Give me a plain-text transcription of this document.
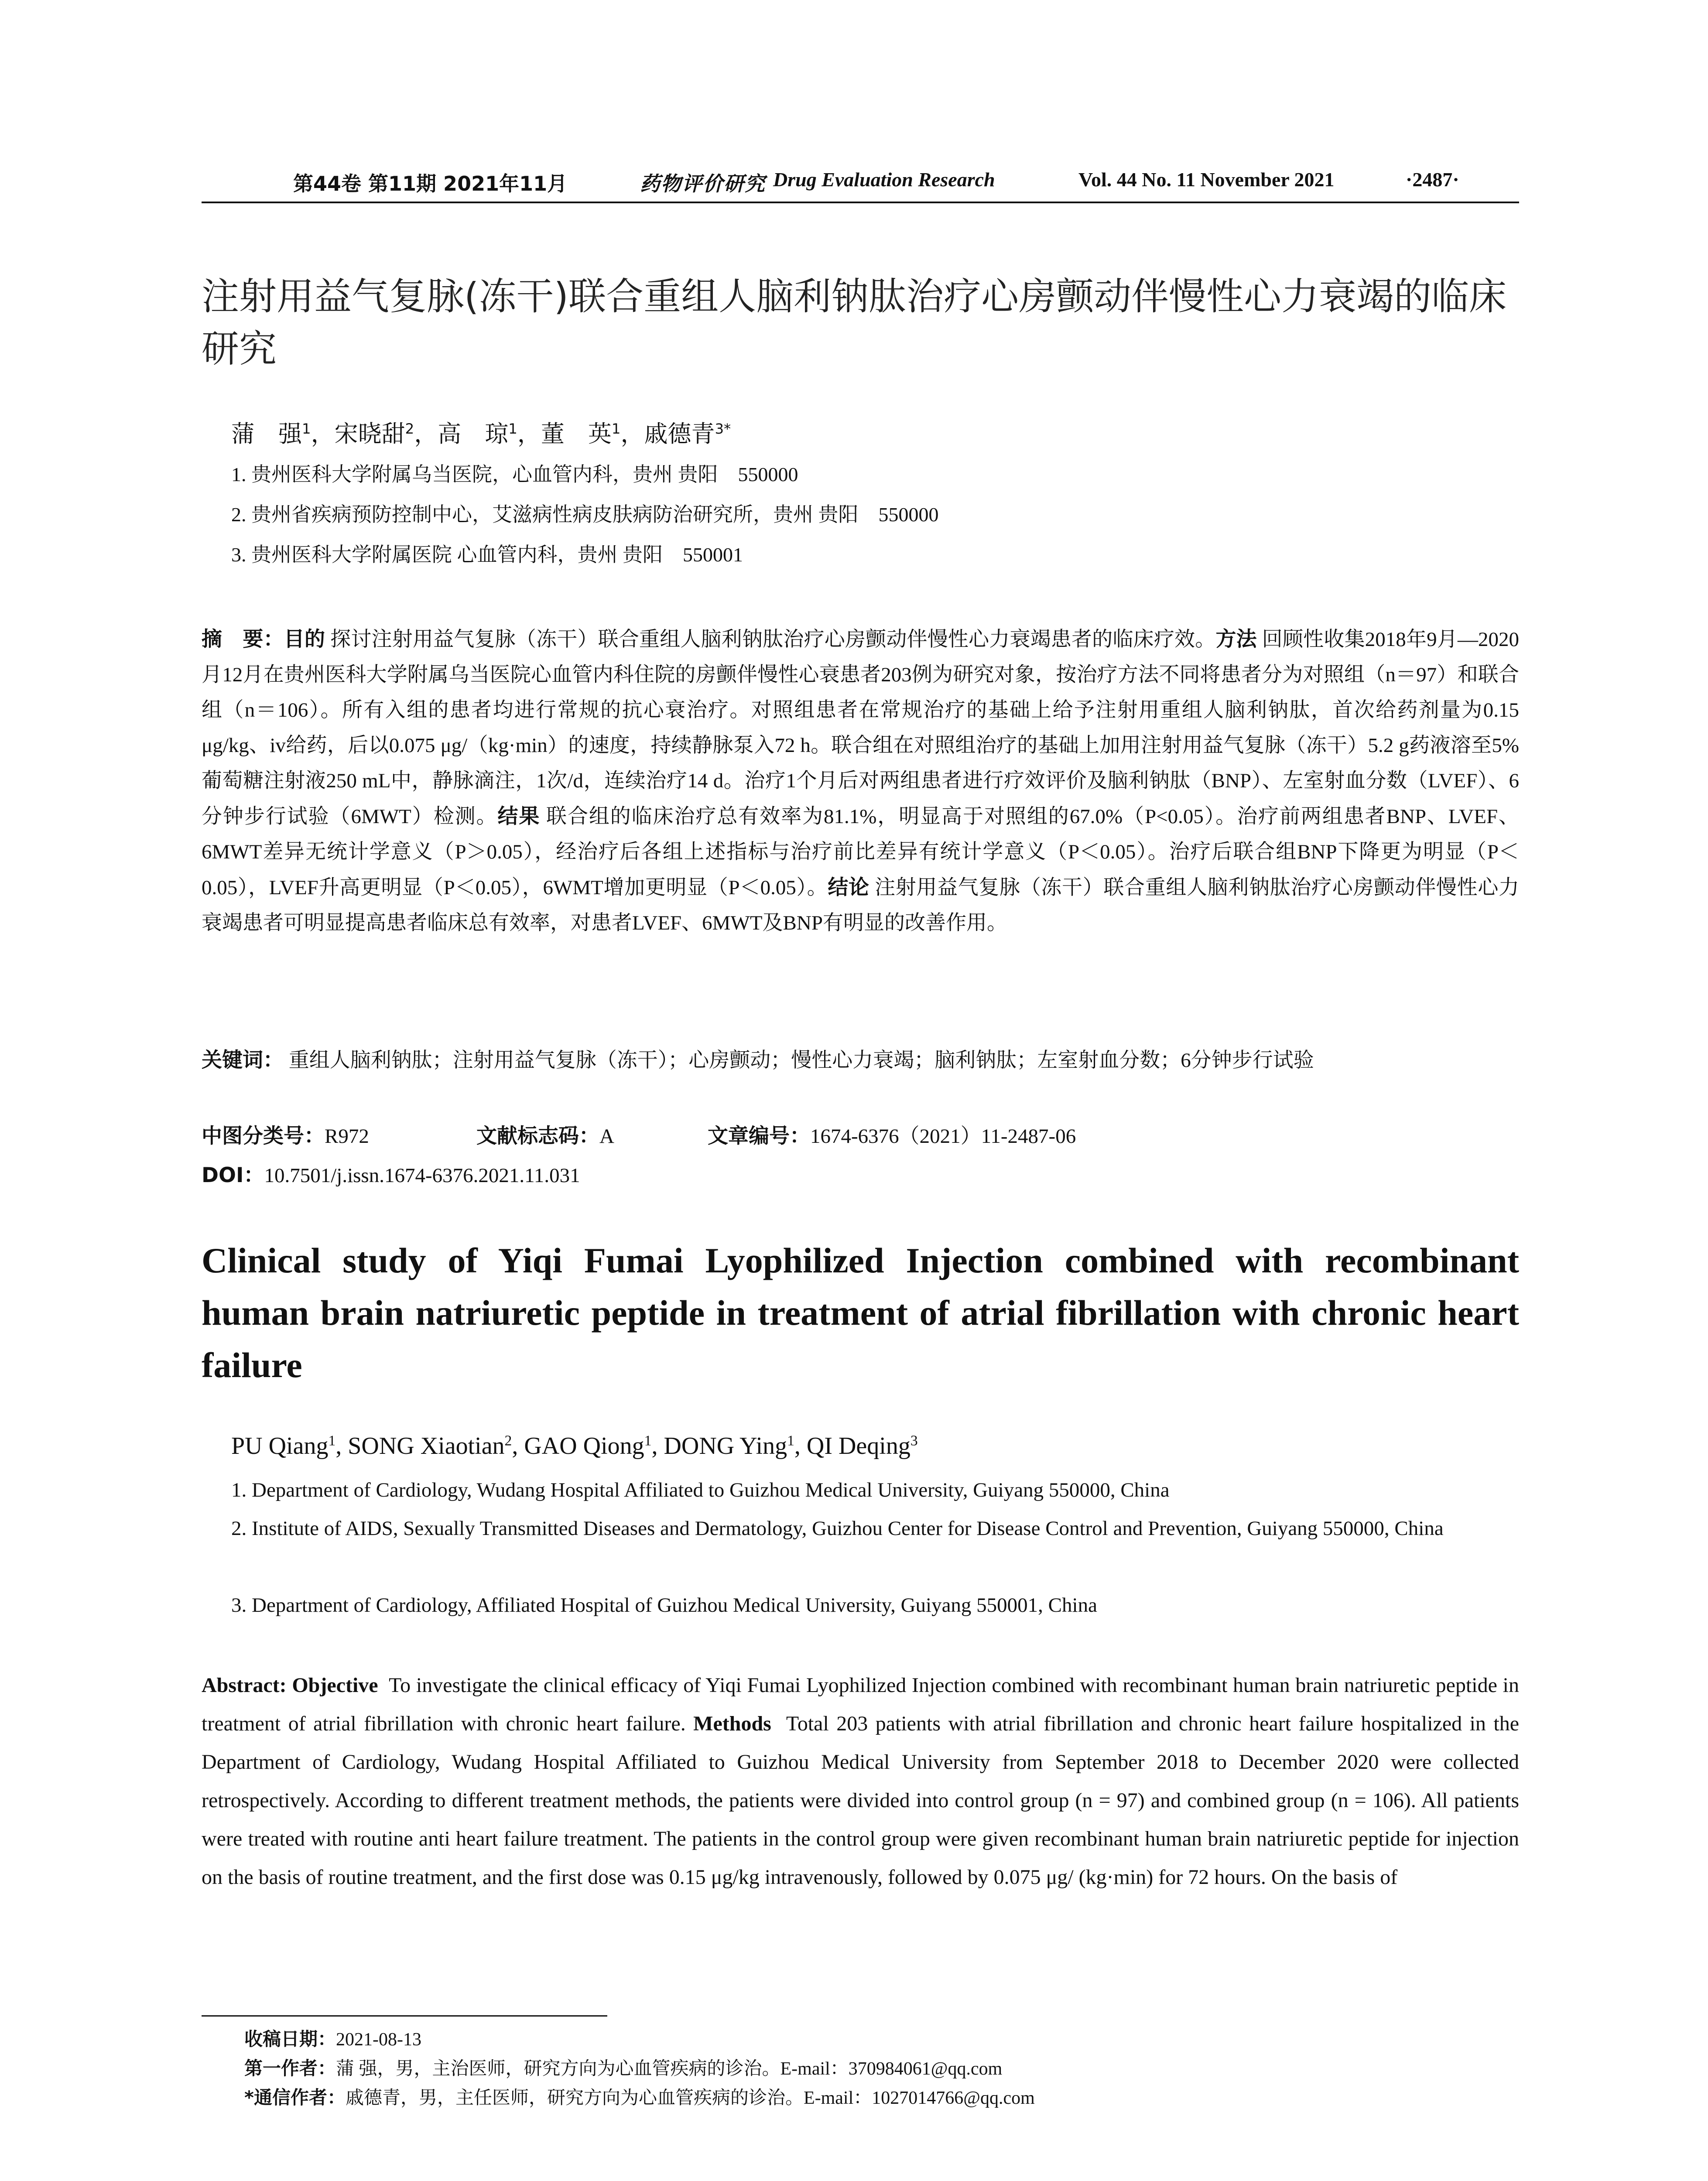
第44卷 第11期 2021年11月	药物评价研究 Drug Evaluation Research	Vol. 44 No. 11 November 2021	·2487·
注射用益气复脉(冻干)联合重组人脑利钠肽治疗心房颤动伴慢性心力衰竭的临床研究
蒲　强$^1$，宋晓甜$^2$，高　琼$^1$，董　英$^1$，戚德青$^{3*}$
1. 贵州医科大学附属乌当医院，心血管内科，贵州 贵阳　550000
2. 贵州省疾病预防控制中心，艾滋病性病皮肤病防治研究所，贵州 贵阳　550000
3. 贵州医科大学附属医院 心血管内科，贵州 贵阳　550001
摘　要：目的 探讨注射用益气复脉（冻干）联合重组人脑利钠肽治疗心房颤动伴慢性心力衰竭患者的临床疗效。方法 回顾性收集2018年9月—2020月12月在贵州医科大学附属乌当医院心血管内科住院的房颤伴慢性心衰患者203例为研究对象，按治疗方法不同将患者分为对照组（n＝97）和联合组（n＝106）。所有入组的患者均进行常规的抗心衰治疗。对照组患者在常规治疗的基础上给予注射用重组人脑利钠肽，首次给药剂量为0.15 μg/kg、iv给药，后以0.075 μg/（kg·min）的速度，持续静脉泵入72 h。联合组在对照组治疗的基础上加用注射用益气复脉（冻干）5.2 g药液溶至5%葡萄糖注射液250 mL中，静脉滴注，1次/d，连续治疗14 d。治疗1个月后对两组患者进行疗效评价及脑利钠肽（BNP）、左室射血分数（LVEF）、6分钟步行试验（6MWT）检测。结果 联合组的临床治疗总有效率为81.1%，明显高于对照组的67.0%（P<0.05）。治疗前两组患者BNP、LVEF、6MWT差异无统计学意义（P＞0.05），经治疗后各组上述指标与治疗前比差异有统计学意义（P＜0.05）。治疗后联合组BNP下降更为明显（P＜0.05），LVEF升高更明显（P＜0.05），6WMT增加更明显（P＜0.05）。结论 注射用益气复脉（冻干）联合重组人脑利钠肽治疗心房颤动伴慢性心力衰竭患者可明显提高患者临床总有效率，对患者LVEF、6MWT及BNP有明显的改善作用。
关键词： 重组人脑利钠肽；注射用益气复脉（冻干）；心房颤动；慢性心力衰竭；脑利钠肽；左室射血分数；6分钟步行试验
中图分类号：R972	文献标志码：A	文章编号：1674-6376（2021）11-2487-06
DOI：10.7501/j.issn.1674-6376.2021.11.031
Clinical study of Yiqi Fumai Lyophilized Injection combined with recombinant human brain natriuretic peptide in treatment of atrial fibrillation with chronic heart failure
PU Qiang$^1$, SONG Xiaotian$^2$, GAO Qiong$^1$, DONG Ying$^1$, QI Deqing$^3$
1. Department of Cardiology, Wudang Hospital Affiliated to Guizhou Medical University, Guiyang 550000, China
2. Institute of AIDS, Sexually Transmitted Diseases and Dermatology, Guizhou Center for Disease Control and Prevention, Guiyang 550000, China
3. Department of Cardiology, Affiliated Hospital of Guizhou Medical University, Guiyang 550001, China
Abstract: Objective To investigate the clinical efficacy of Yiqi Fumai Lyophilized Injection combined with recombinant human brain natriuretic peptide in treatment of atrial fibrillation with chronic heart failure. Methods Total 203 patients with atrial fibrillation and chronic heart failure hospitalized in the Department of Cardiology, Wudang Hospital Affiliated to Guizhou Medical University from September 2018 to December 2020 were collected retrospectively. According to different treatment methods, the patients were divided into control group (n = 97) and combined group (n = 106). All patients were treated with routine anti heart failure treatment. The patients in the control group were given recombinant human brain natriuretic peptide for injection on the basis of routine treatment, and the first dose was 0.15 μg/kg intravenously, followed by 0.075 μg/ (kg·min) for 72 hours. On the basis of
收稿日期：2021-08-13
第一作者：蒲 强，男，主治医师，研究方向为心血管疾病的诊治。E-mail：370984061@qq.com
*通信作者：戚德青，男，主任医师，研究方向为心血管疾病的诊治。E-mail：1027014766@qq.com
